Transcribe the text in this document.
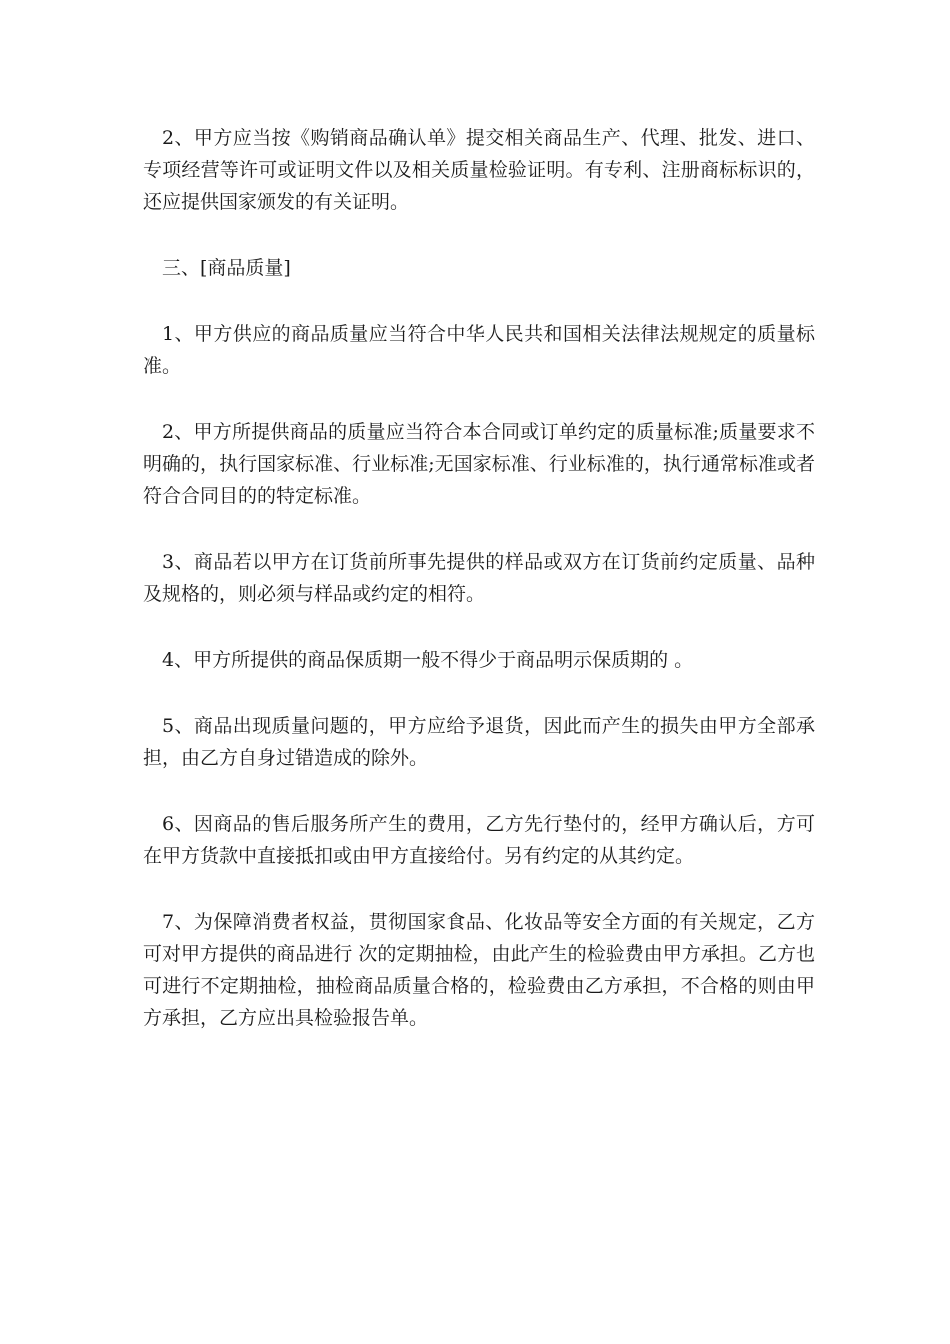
2、甲方应当按《购销商品确认单》提交相关商品生产、代理、批发、进口、专项经营等许可或证明文件以及相关质量检验证明。有专利、注册商标标识的，还应提供国家颁发的有关证明。

三、[商品质量]

1、甲方供应的商品质量应当符合中华人民共和国相关法律法规规定的质量标准。

2、甲方所提供商品的质量应当符合本合同或订单约定的质量标准;质量要求不明确的，执行国家标准、行业标准;无国家标准、行业标准的，执行通常标准或者符合合同目的的特定标准。

3、商品若以甲方在订货前所事先提供的样品或双方在订货前约定质量、品种及规格的，则必须与样品或约定的相符。

4、甲方所提供的商品保质期一般不得少于商品明示保质期的 。

5、商品出现质量问题的，甲方应给予退货，因此而产生的损失由甲方全部承担，由乙方自身过错造成的除外。

6、因商品的售后服务所产生的费用，乙方先行垫付的，经甲方确认后，方可在甲方货款中直接抵扣或由甲方直接给付。另有约定的从其约定。

7、为保障消费者权益，贯彻国家食品、化妆品等安全方面的有关规定，乙方可对甲方提供的商品进行 次的定期抽检，由此产生的检验费由甲方承担。乙方也可进行不定期抽检，抽检商品质量合格的，检验费由乙方承担，不合格的则由甲方承担，乙方应出具检验报告单。
